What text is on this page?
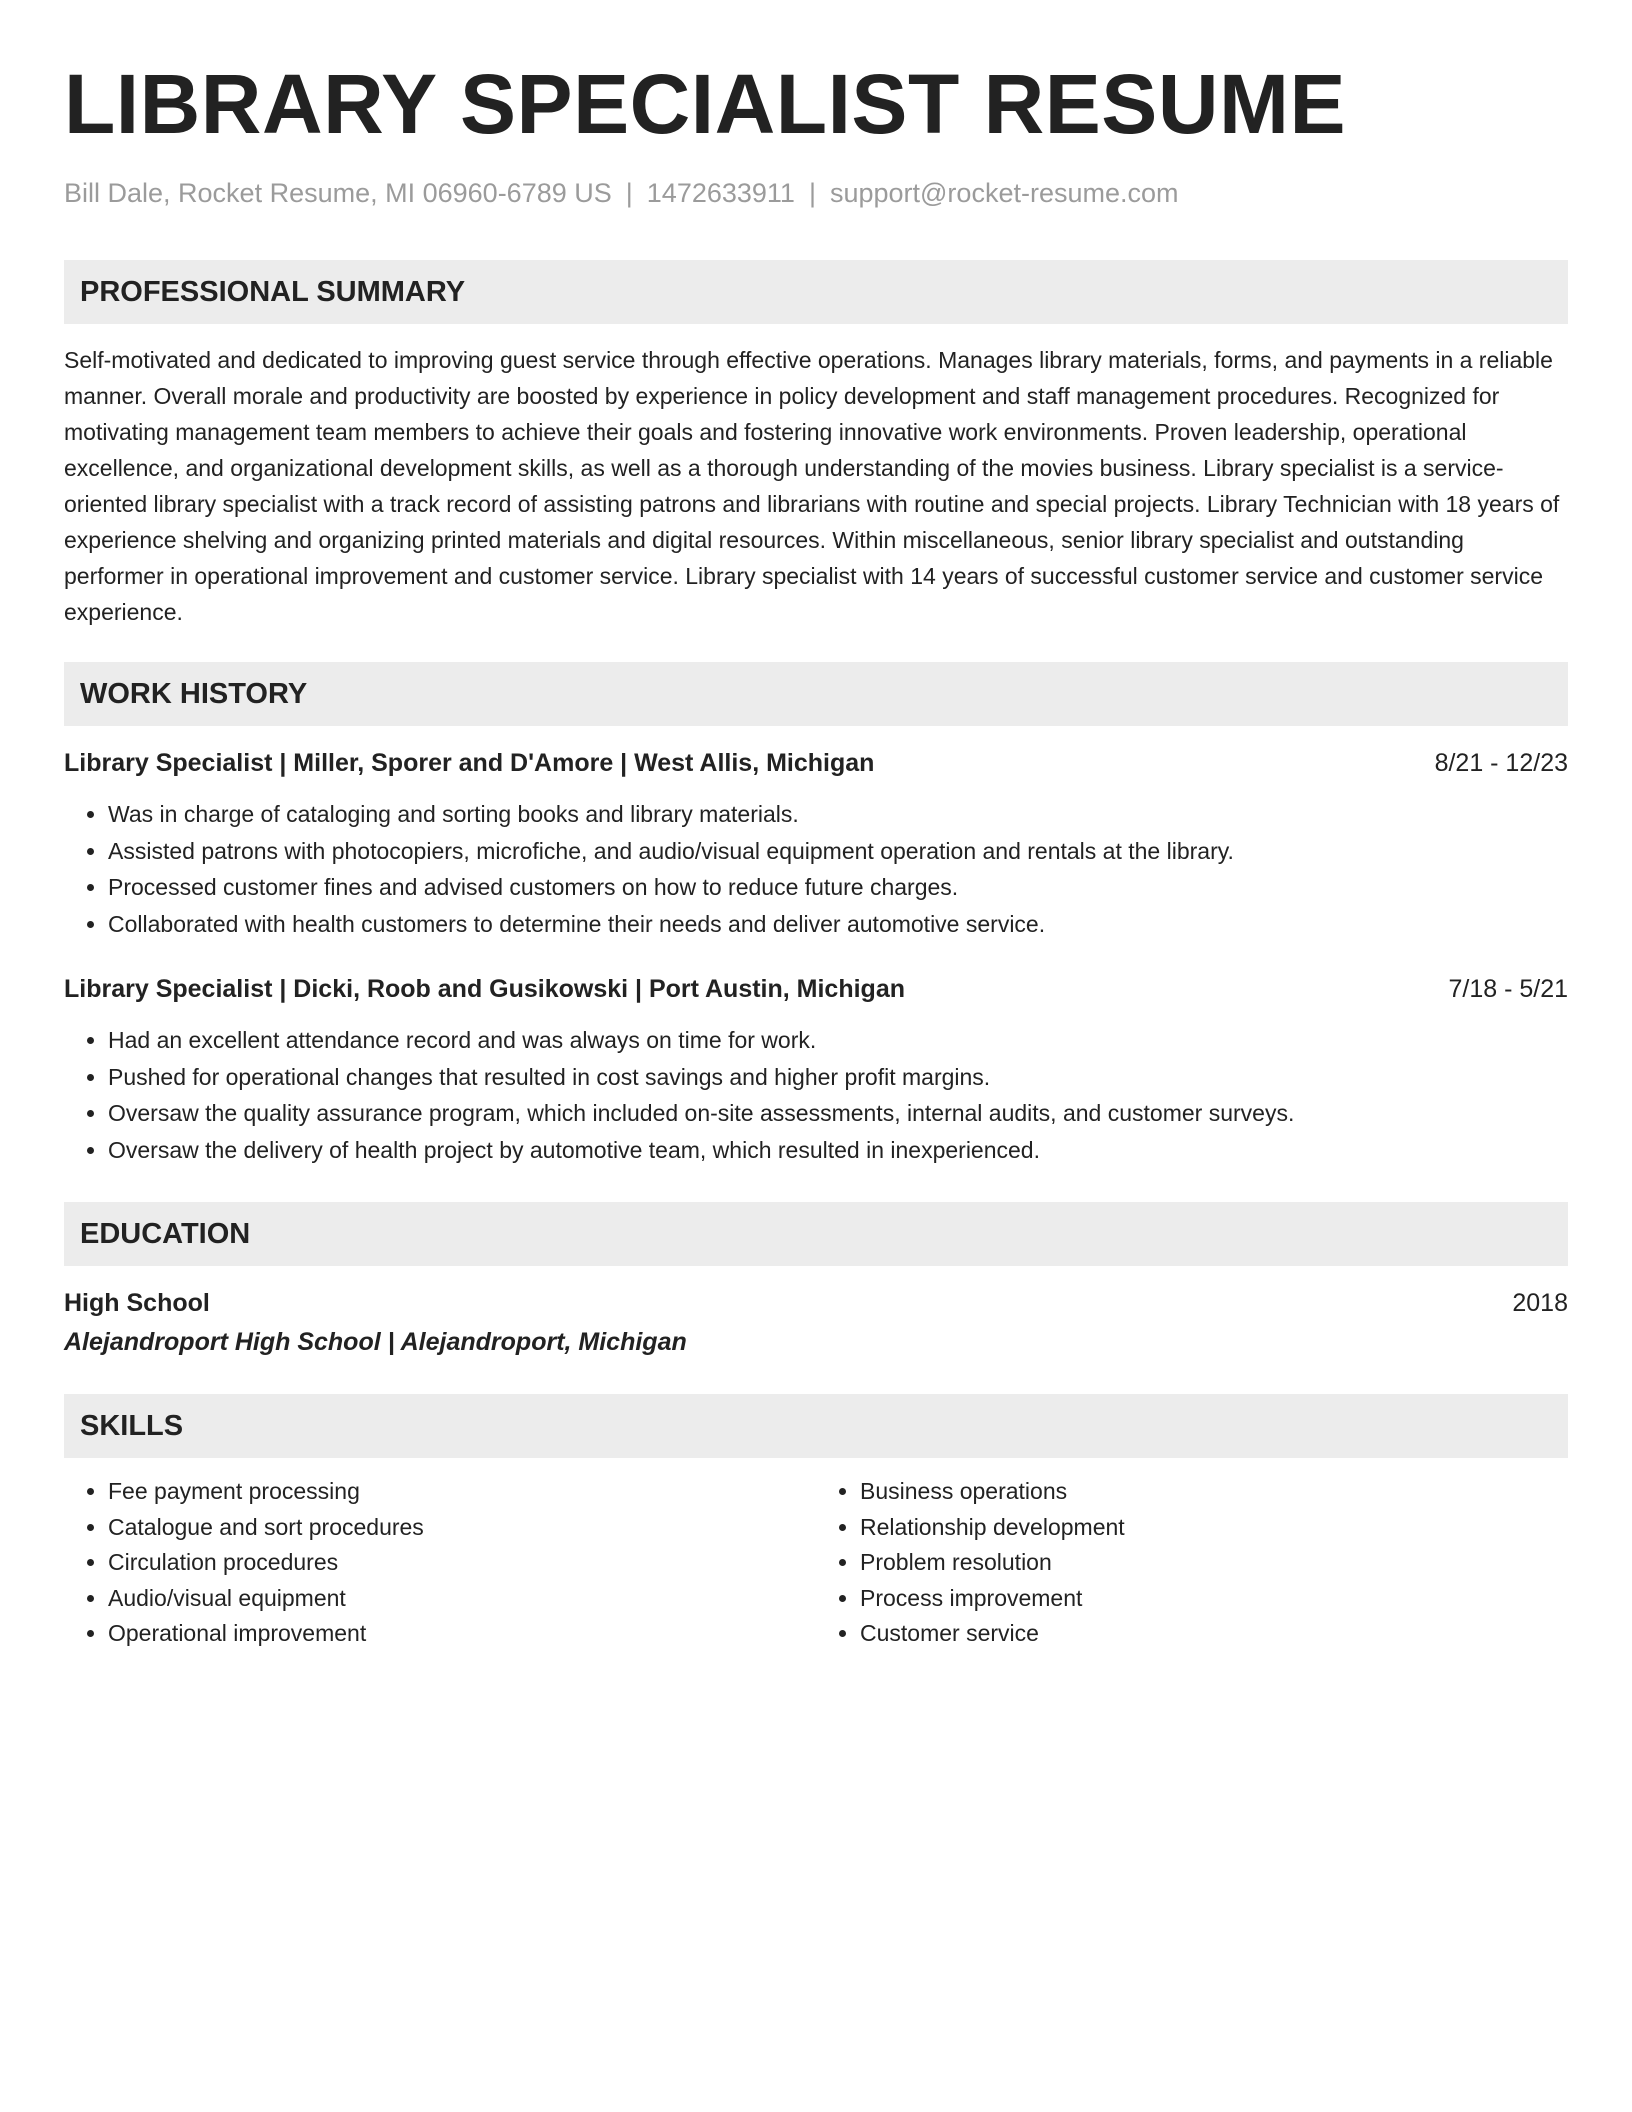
LIBRARY SPECIALIST RESUME
Bill Dale, Rocket Resume, MI 06960-6789 US | 1472633911 | support@rocket-resume.com
PROFESSIONAL SUMMARY
Self-motivated and dedicated to improving guest service through effective operations. Manages library materials, forms, and payments in a reliable manner. Overall morale and productivity are boosted by experience in policy development and staff management procedures. Recognized for motivating management team members to achieve their goals and fostering innovative work environments. Proven leadership, operational excellence, and organizational development skills, as well as a thorough understanding of the movies business. Library specialist is a service-oriented library specialist with a track record of assisting patrons and librarians with routine and special projects. Library Technician with 18 years of experience shelving and organizing printed materials and digital resources. Within miscellaneous, senior library specialist and outstanding performer in operational improvement and customer service. Library specialist with 14 years of successful customer service and customer service experience.
WORK HISTORY
Library Specialist | Miller, Sporer and D'Amore | West Allis, Michigan	8/21 - 12/23
• Was in charge of cataloging and sorting books and library materials.
• Assisted patrons with photocopiers, microfiche, and audio/visual equipment operation and rentals at the library.
• Processed customer fines and advised customers on how to reduce future charges.
• Collaborated with health customers to determine their needs and deliver automotive service.
Library Specialist | Dicki, Roob and Gusikowski | Port Austin, Michigan	7/18 - 5/21
• Had an excellent attendance record and was always on time for work.
• Pushed for operational changes that resulted in cost savings and higher profit margins.
• Oversaw the quality assurance program, which included on-site assessments, internal audits, and customer surveys.
• Oversaw the delivery of health project by automotive team, which resulted in inexperienced.
EDUCATION
High School	2018
Alejandroport High School | Alejandroport, Michigan
SKILLS
• Fee payment processing
• Catalogue and sort procedures
• Circulation procedures
• Audio/visual equipment
• Operational improvement
• Business operations
• Relationship development
• Problem resolution
• Process improvement
• Customer service
